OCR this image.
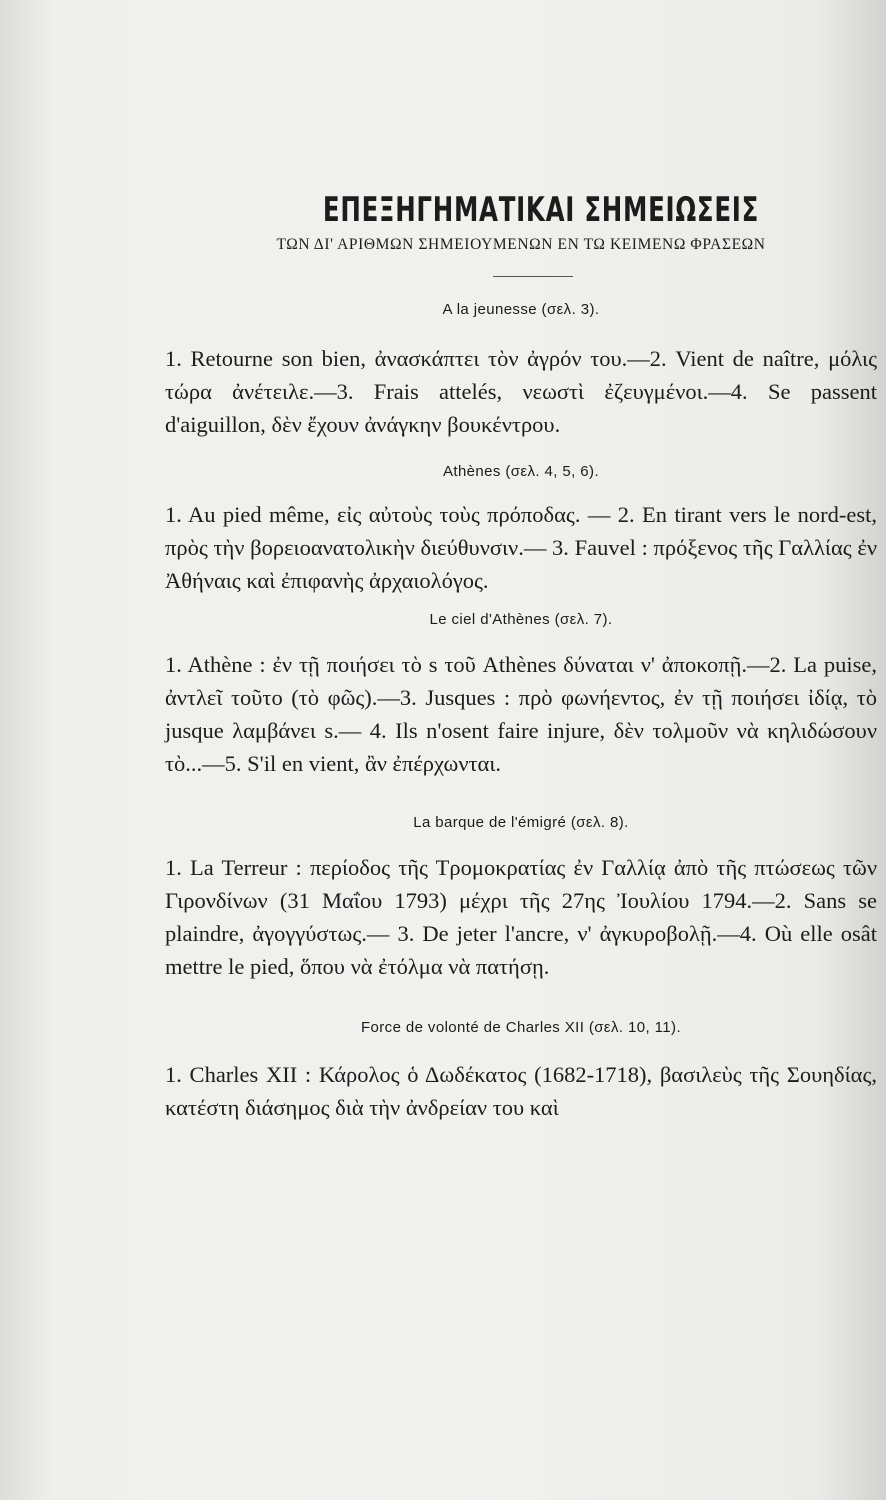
ΕΠΕΞΗΓΗΜΑΤΙΚΑΙ ΣΗΜΕΙΩΣΕΙΣ
ΤΩΝ ΔΙ' ΑΡΙΘΜΩΝ ΣΗΜΕΙΟΥΜΕΝΩΝ ΕΝ ΤΩ ΚΕΙΜΕΝΩ ΦΡΑΣΕΩΝ
A la jeunesse (σελ. 3).

1. Retourne son bien, ἀνασκάπτει τὸν ἀγρόν του.—2. Vient de naître, μόλις τώρα ἀνέτειλε.—3. Frais attelés, νεωστὶ ἐζευγμένοι.—4. Se passent d'aiguillon, δὲν ἔχουν ἀνάγκην βουκέντρου.

Athènes (σελ. 4, 5, 6).

1. Au pied même, εἰς αὐτοὺς τοὺς πρόποδας. — 2. En tirant vers le nord-est, πρὸς τὴν βορειοανατολικὴν διεύθυνσιν.— 3. Fauvel : πρόξενος τῆς Γαλλίας ἐν Ἀθήναις καὶ ἐπιφανὴς ἀρχαιολόγος.

Le ciel d'Athènes (σελ. 7).

1. Athène : ἐν τῇ ποιήσει τὸ s τοῦ Athènes δύναται ν' ἀποκοπῇ.—2. La puise, ἀντλεῖ τοῦτο (τὸ φῶς).—3. Jusques : πρὸ φωνήεντος, ἐν τῇ ποιήσει ἰδίᾳ, τὸ jusque λαμβάνει s.— 4. Ils n'osent faire injure, δὲν τολμοῦν νὰ κηλιδώσουν τὸ...—5. S'il en vient, ἂν ἐπέρχωνται.

La barque de l'émigré (σελ. 8).

1. La Terreur : περίοδος τῆς Τρομοκρατίας ἐν Γαλλίᾳ ἀπὸ τῆς πτώσεως τῶν Γιρονδίνων (31 Μαΐου 1793) μέχρι τῆς 27ης Ἰουλίου 1794.—2. Sans se plaindre, ἀγογγύστως.— 3. De jeter l'ancre, ν' ἀγκυροβολῇ.—4. Où elle osât mettre le pied, ὅπου νὰ ἐτόλμα νὰ πατήσῃ.

Force de volonté de Charles XII (σελ. 10, 11).

1. Charles XII : Κάρολος ὁ Δωδέκατος (1682-1718), βασιλεὺς τῆς Σουηδίας, κατέστη διάσημος διὰ τὴν ἀνδρείαν του καὶ
